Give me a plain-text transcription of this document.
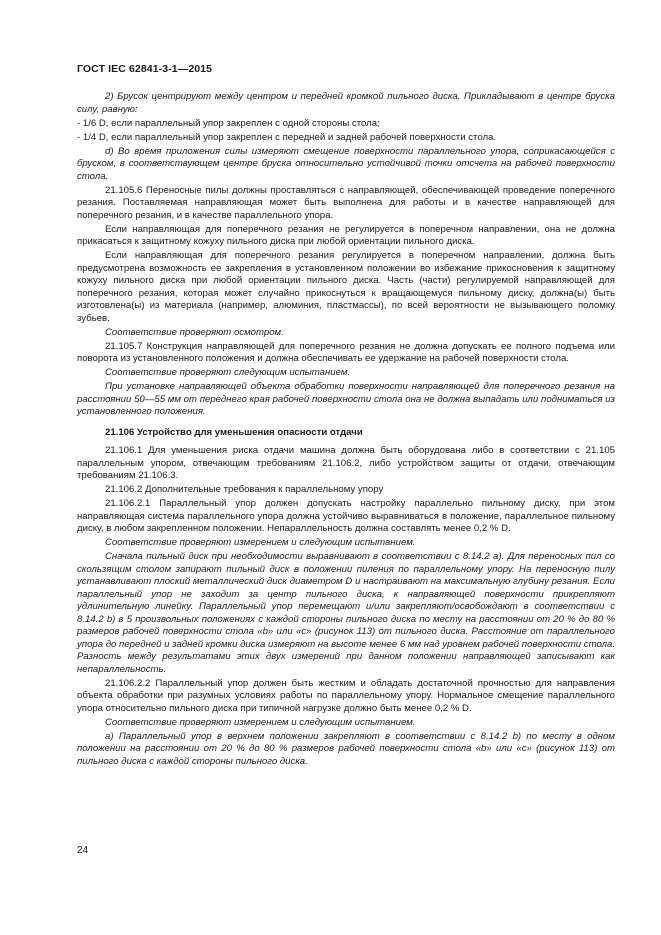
ГОСТ IEC 62841-3-1—2015

2) Брусок центрируют между центром и передней кромкой пильного диска. Прикладывают в центре бруска силу, равную:

- 1/6 D, если параллельный упор закреплен с одной стороны стола;

- 1/4 D, если параллельный упор закреплен с передней и задней рабочей поверхности стола.

d) Во время приложения силы измеряют смещение поверхности параллельного упора, соприкасающейся с бруском, в соответствующем центре бруска относительно устойчивой точки отсчета на рабочей поверхности стола.

21.105.6 Переносные пилы должны проставляться с направляющей, обеспечивающей проведение поперечного резания. Поставляемая направляющая может быть выполнена для работы и в качестве направляющей для поперечного резания, и в качестве параллельного упора.

Если направляющая для поперечного резания не регулируется в поперечном направлении, она не должна прикасаться к защитному кожуху пильного диска при любой ориентации пильного диска.

Если направляющая для поперечного резания регулируется в поперечном направлении, должна быть предусмотрена возможность ее закрепления в установленном положении во избежание прикосновения к защитному кожуху пильного диска при любой ориентации пильного диска. Часть (части) регулируемой направляющей для поперечного резания, которая может случайно прикоснуться к вращающемуся пильному диску, должна(ы) быть изготовлена(ы) из материала (например, алюминия, пластмассы), по всей вероятности не вызывающего поломку зубьев.

Соответствие проверяют осмотром.

21.105.7 Конструкция направляющей для поперечного резания не должна допускать ее полного подъема или поворота из установленного положения и должна обеспечивать ее удержание на рабочей поверхности стола.

Соответствие проверяют следующим испытанием.

При установке направляющей объекта обработки поверхности направляющей для поперечного резания на расстоянии 50—55 мм от переднего края рабочей поверхности стола она не должна выпадать или подниматься из установленного положения.

21.106 Устройство для уменьшения опасности отдачи

21.106.1 Для уменьшения риска отдачи машина должна быть оборудована либо в соответствии с 21.105 параллельным упором, отвечающим требованиям 21.106.2, либо устройством защиты от отдачи, отвечающим требованиям 21.106.3.

21.106.2 Дополнительные требования к параллельному упору

21.106.2.1 Параллельный упор должен допускать настройку параллельно пильному диску, при этом направляющая система параллельного упора должна устойчиво выравниваться в положение, параллельное пильному диску, в любом закрепленном положении. Непараллельность должна составлять менее 0,2 % D.

Соответствие проверяют измерением и следующим испытанием.

Сначала пильный диск при необходимости выравнивают в соответствии с 8.14.2 а). Для переносных пил со скользящим столом запирают пильный диск в положении пиления по параллельному упору. На переносную пилу устанавливают плоский металлический диск диаметром D и настраивают на максимальную глубину резания. Если параллельный упор не заходит за центр пильного диска, к направляющей поверхности прикрепляют удлинительную линейку. Параллельный упор перемещают и/или закрепляют/освобождают в соответствии с 8.14.2 b) в 5 произвольных положениях с каждой стороны пильного диска по месту на расстоянии от 20 % до 80 % размеров рабочей поверхности стола «b» или «c» (рисунок 113) от пильного диска. Расстояние от параллельного упора до передней и задней кромки диска измеряют на высоте менее 6 мм над уровнем рабочей поверхности стола. Разность между результатами этих двух измерений при данном положении направляющей записывают как непараллельность.

21.106.2.2 Параллельный упор должен быть жестким и обладать достаточной прочностью для направления объекта обработки при разумных условиях работы по параллельному упору. Нормальное смещение параллельного упора относительно пильного диска при типичной нагрузке должно быть менее 0,2 % D.

Соответствие проверяют измерением и следующим испытанием.

а) Параллельный упор в верхнем положении закрепляют в соответствии с 8.14.2 b) по месту в одном положении на расстоянии от 20 % до 80 % размеров рабочей поверхности стола «b» или «c» (рисунок 113) от пильного диска с каждой стороны пильного диска.

24
